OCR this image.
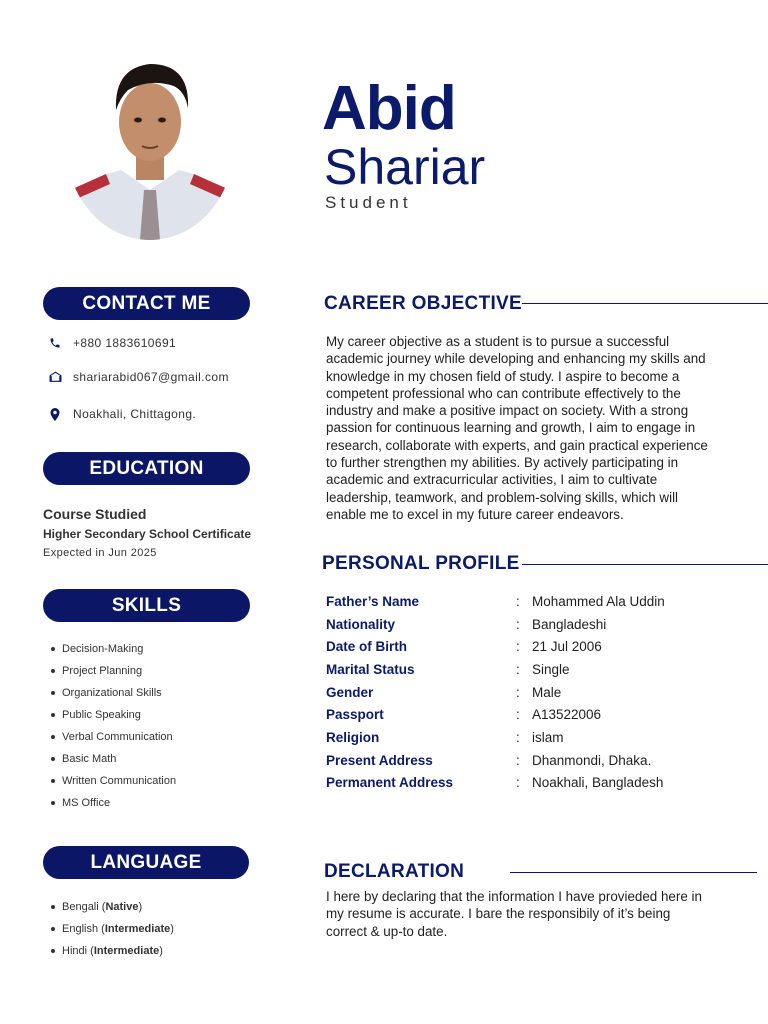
Abid
Shariar
Student
CONTACT ME
+880 1883610691
shariarabid067@gmail.com
Noakhali, Chittagong.
EDUCATION
Course Studied
Higher Secondary School Certificate
Expected in Jun 2025
SKILLS
Decision-Making
Project Planning
Organizational Skills
Public Speaking
Verbal Communication
Basic Math
Written Communication
MS Office
LANGUAGE
Bengali (Native)
English (Intermediate)
Hindi (Intermediate)
CAREER OBJECTIVE
My career objective as a student is to pursue a successful
academic journey while developing and enhancing my skills and
knowledge in my chosen field of study. I aspire to become a
competent professional who can contribute effectively to the
industry and make a positive impact on society. With a strong
passion for continuous learning and growth, I aim to engage in
research, collaborate with experts, and gain practical experience
to further strengthen my abilities. By actively participating in
academic and extracurricular activities, I aim to cultivate
leadership, teamwork, and problem-solving skills, which will
enable me to excel in my future career endeavors.
PERSONAL PROFILE
Father’s Name	: Mohammed Ala Uddin
Nationality	: Bangladeshi
Date of Birth	: 21 Jul 2006
Marital Status	: Single
Gender	: Male
Passport	: A13522006
Religion	: islam
Present Address	: Dhanmondi, Dhaka.
Permanent Address	: Noakhali, Bangladesh
DECLARATION
I here by declaring that the information I have provieded here in
my resume is accurate. I bare the responsibily of it’s being
correct & up-to date.
